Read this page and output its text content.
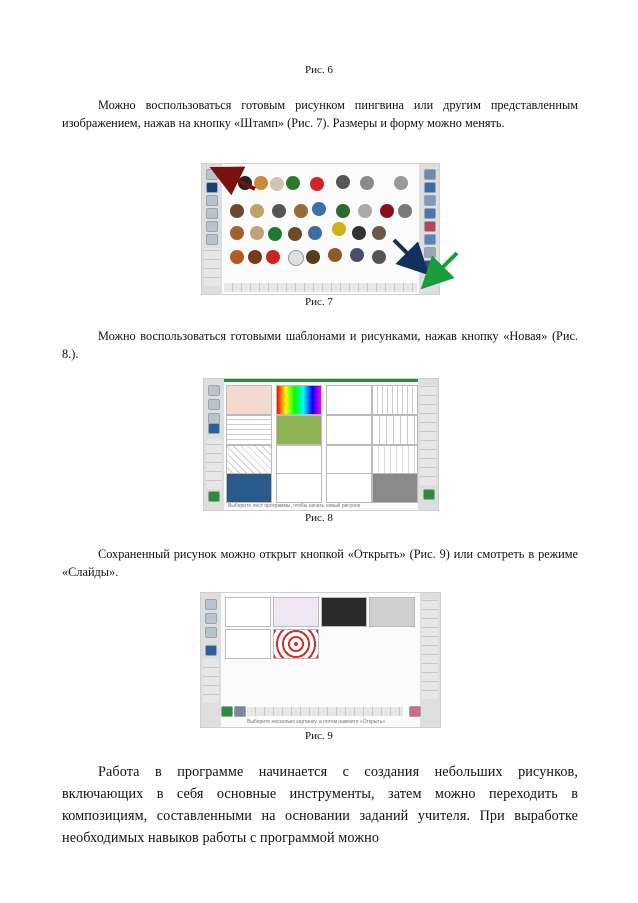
Рис. 6

Можно воспользоваться готовым рисунком пингвина или другим представленным изображением, нажав на кнопку «Штамп» (Рис. 7). Размеры и форму можно менять.

Рис. 7

Можно воспользоваться готовыми шаблонами и рисунками, нажав кнопку «Новая» (Рис. 8.).

Выберите лист программы, чтобы начать новый рисунок
Рис. 8

Сохраненный рисунок можно открыт кнопкой «Открыть» (Рис. 9) или смотреть в режиме «Слайды».

Выберите несколько картинку, а потом нажмите «Открыть»
Рис. 9

Работа в программе начинается с создания небольших рисунков, включающих в себя основные инструменты, затем можно переходить в композициям, составленными на основании заданий учителя. При выработке необходимых навыков работы с программой можно
